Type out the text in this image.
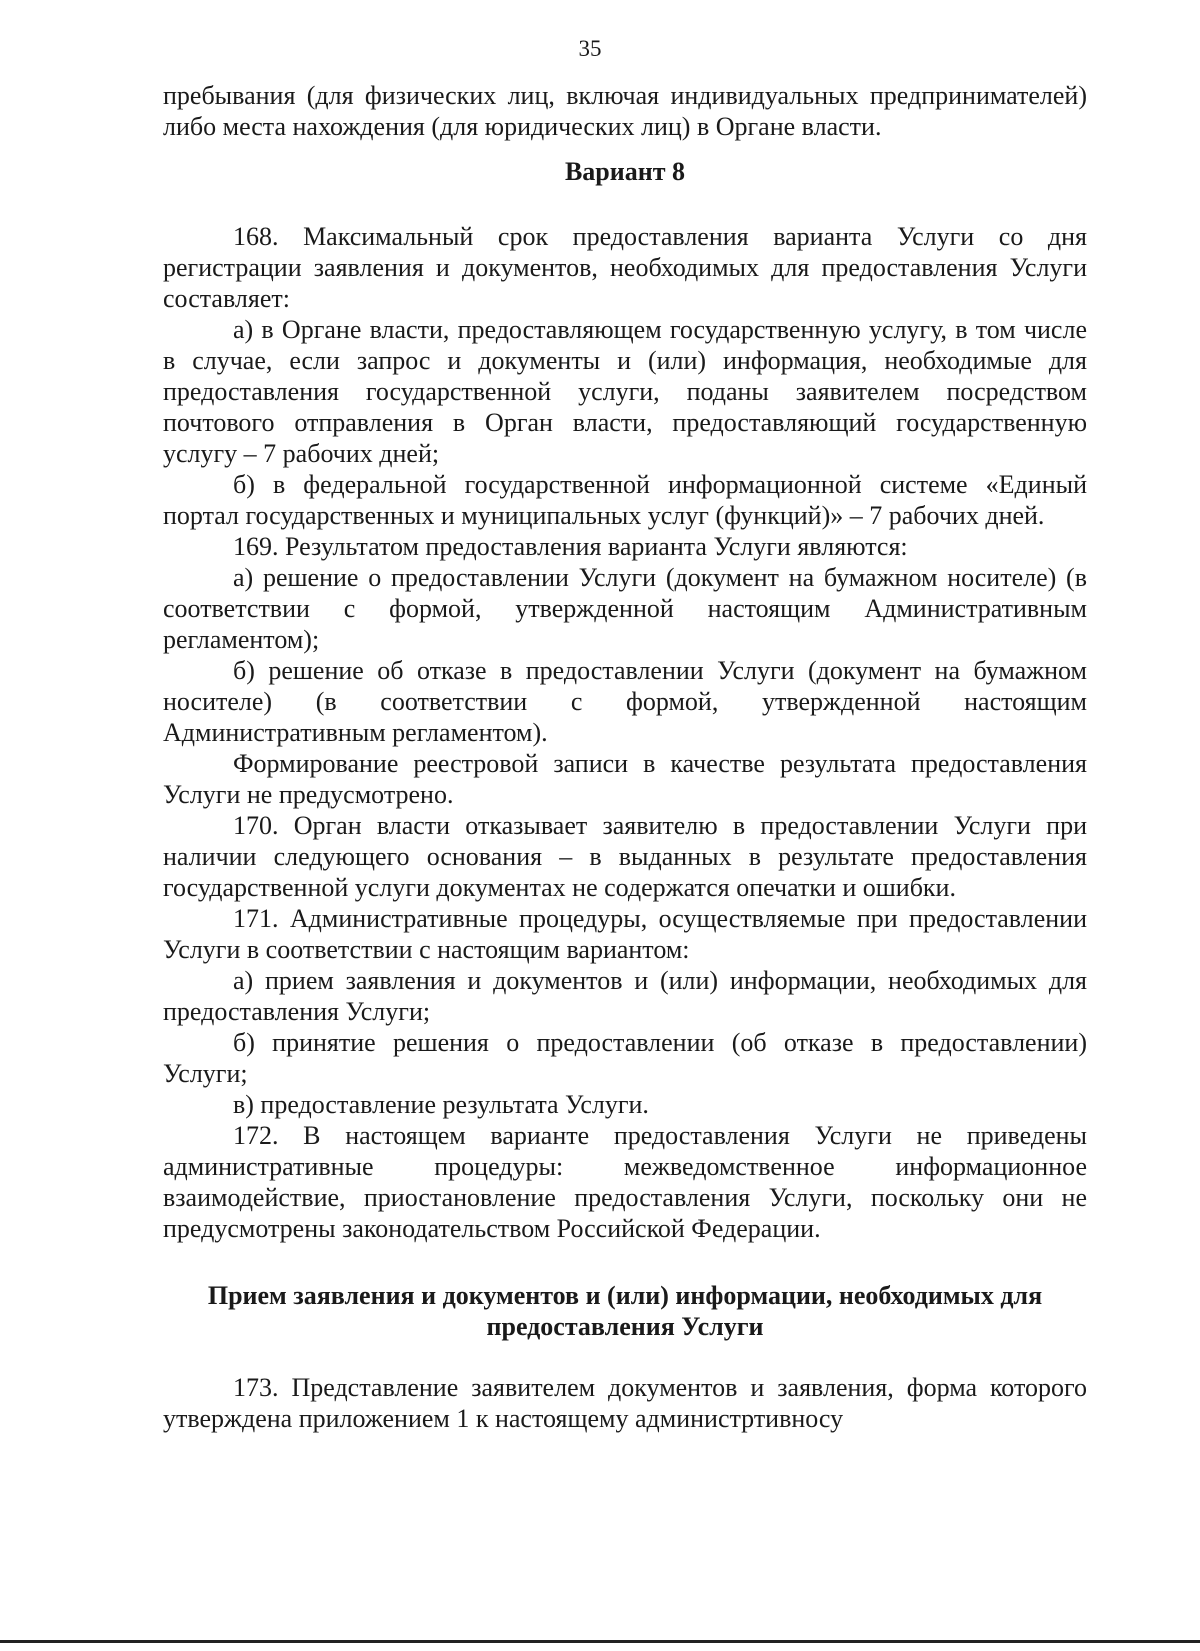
35

пребывания (для физических лиц, включая индивидуальных предпринимателей) либо места нахождения (для юридических лиц) в Органе власти.

Вариант 8

168. Максимальный срок предоставления варианта Услуги со дня регистрации заявления и документов, необходимых для предоставления Услуги составляет:

а) в Органе власти, предоставляющем государственную услугу, в том числе в случае, если запрос и документы и (или) информация, необходимые для предоставления государственной услуги, поданы заявителем посредством почтового отправления в Орган власти, предоставляющий государственную услугу – 7 рабочих дней;

б) в федеральной государственной информационной системе «Единый портал государственных и муниципальных услуг (функций)» – 7 рабочих дней.

169. Результатом предоставления варианта Услуги являются:

а) решение о предоставлении Услуги (документ на бумажном носителе) (в соответствии с формой, утвержденной настоящим Административным регламентом);

б) решение об отказе в предоставлении Услуги (документ на бумажном носителе) (в соответствии с формой, утвержденной настоящим Административным регламентом).

Формирование реестровой записи в качестве результата предоставления Услуги не предусмотрено.

170. Орган власти отказывает заявителю в предоставлении Услуги при наличии следующего основания – в выданных в результате предоставления государственной услуги документах не содержатся опечатки и ошибки.

171. Административные процедуры, осуществляемые при предоставлении Услуги в соответствии с настоящим вариантом:

а) прием заявления и документов и (или) информации, необходимых для предоставления Услуги;

б) принятие решения о предоставлении (об отказе в предоставлении) Услуги;

в) предоставление результата Услуги.

172. В настоящем варианте предоставления Услуги не приведены административные процедуры: межведомственное информационное взаимодействие, приостановление предоставления Услуги, поскольку они не предусмотрены законодательством Российской Федерации.

Прием заявления и документов и (или) информации, необходимых для предоставления Услуги

173. Представление заявителем документов и заявления, форма которого утверждена приложением 1 к настоящему администртивносу
